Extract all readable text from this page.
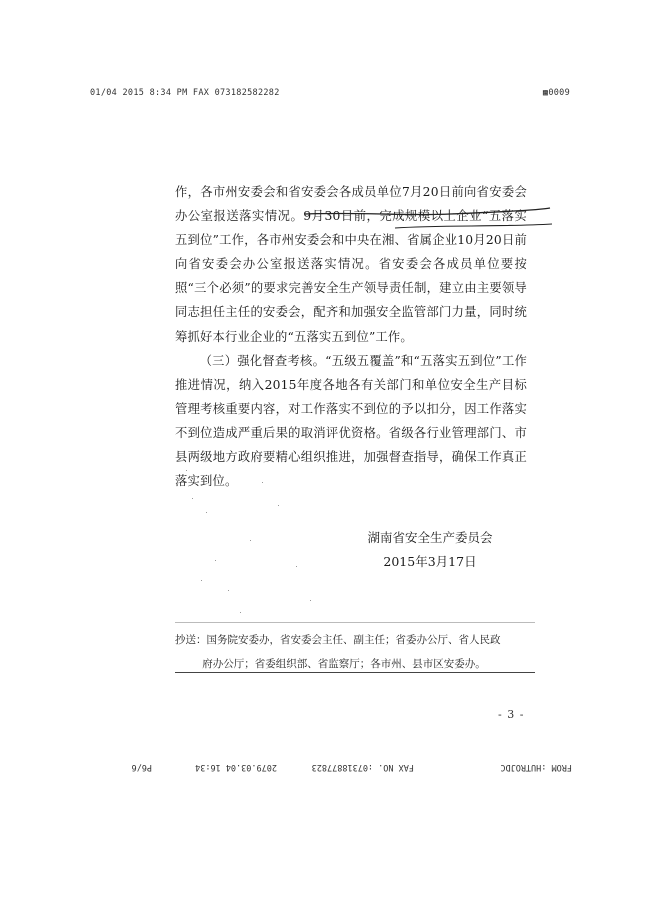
01/04 2015 8:34 PM FAX 073182582282	▩0009

作，各市州安委会和省安委会各成员单位7月20日前向省安委会办公室报送落实情况。9月30日前，完成规模以上企业“五落实五到位”工作，各市州安委会和中央在湘、省属企业10月20日前向省安委会办公室报送落实情况。省安委会各成员单位要按照“三个必须”的要求完善安全生产领导责任制，建立由主要领导同志担任主任的安委会，配齐和加强安全监管部门力量，同时统筹抓好本行业企业的“五落实五到位”工作。

（三）强化督查考核。“五级五覆盖”和“五落实五到位”工作推进情况，纳入2015年度各地各有关部门和单位安全生产目标管理考核重要内容，对工作落实不到位的予以扣分，因工作落实不到位造成严重后果的取消评优资格。省级各行业管理部门、市县两级地方政府要精心组织推进，加强督查指导，确保工作真正落实到位。

湖南省安全生产委员会
2015年3月17日
抄送：国务院安委办，省安委会主任、副主任；省委办公厅、省人民政
府办公厅；省委组织部、省监察厅；各市州、县市区安委办。
- 3 -
FROM :HUTROJDC
FAX NO. :07318877823
2079.03.04 16:34
P6/6
